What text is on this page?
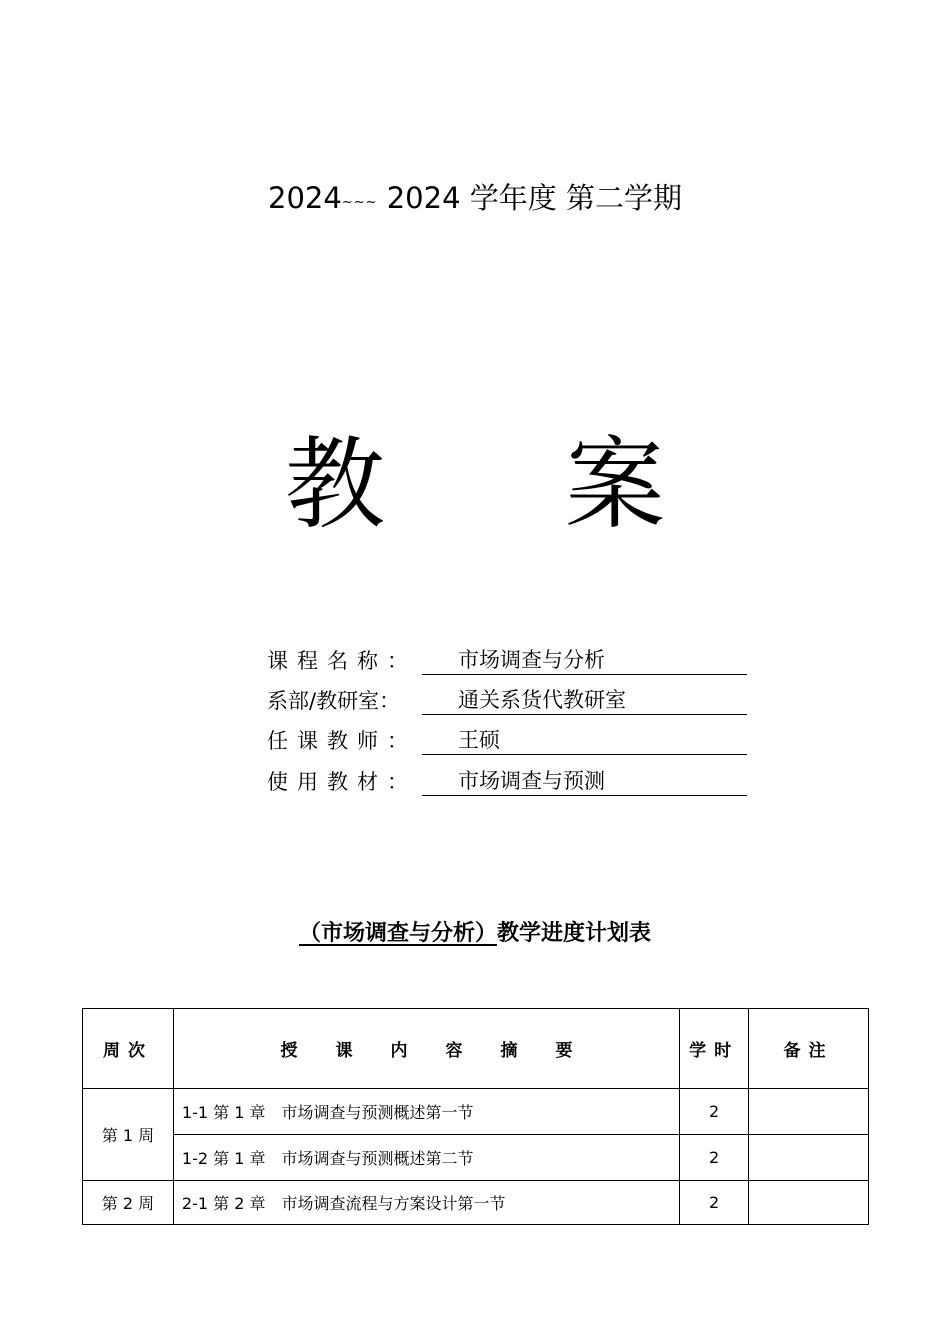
2024~~~ 2024 学年度 第二学期
教 案
课程名称：	市场调查与分析
系部/教研室：	通关系货代教研室
任课教师：	王硕
使用教材：	市场调查与预测
（市场调查与分析）教学进度计划表
周次	授课内容摘要	学时	备注
第 1 周	1-1 第 1 章　市场调查与预测概述第一节	2	
	1-2 第 1 章　市场调查与预测概述第二节	2	
第 2 周	2-1 第 2 章　市场调查流程与方案设计第一节	2	
